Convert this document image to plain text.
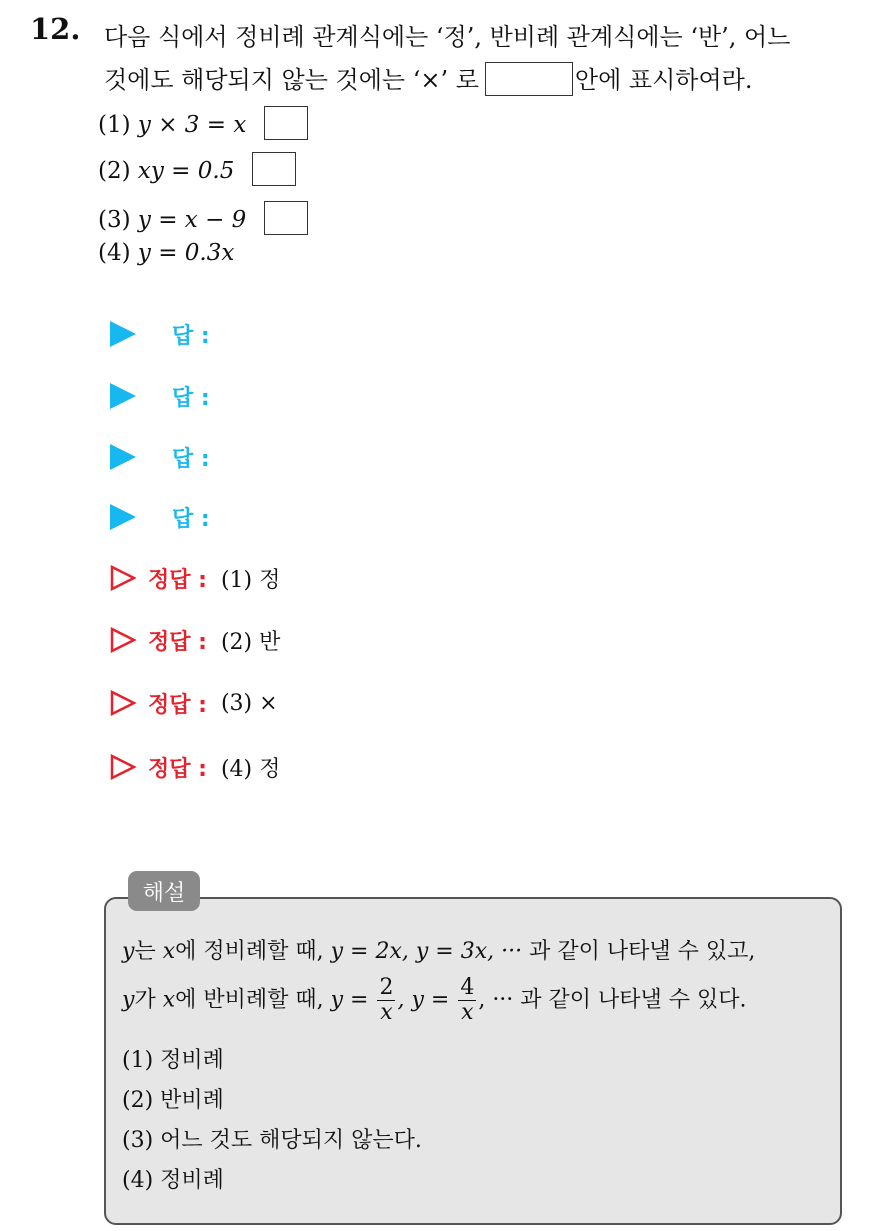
12. 다음 식에서 정비례 관계식에는 ‘정’, 반비례 관계식에는 ‘반’, 어느
것에도 해당되지 않는 것에는 ‘×’ 로	안에 표시하여라.
(1) y × 3 = x
(2) xy = 0.5
(3) y = x − 9
(4) y = 0.3x
답 :
답 :
답 :
답 :
정답 : (1) 정
정답 : (2) 반
정답 : (3) ×
정답 : (4) 정
해설
y는 x에 정비례할 때, y = 2x, y = 3x, ··· 과 같이 나타낼 수 있고,
y가 x에 반비례할 때, $y = \frac{2}{x}$ , $y = \frac{4}{x}$ , ··· 과 같이 나타낼 수 있다.
(1) 정비례
(2) 반비례
(3) 어느 것도 해당되지 않는다.
(4) 정비례
